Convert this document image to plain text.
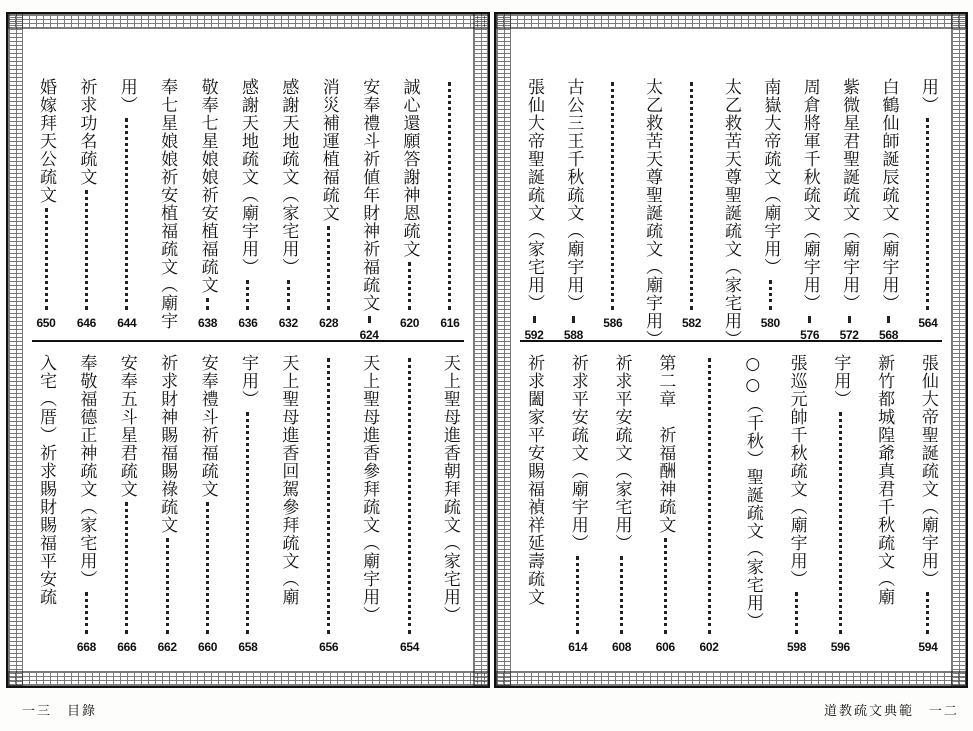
616
誠心還願答謝神恩疏文
620
安奉禮斗祈値年財神祈福疏文
624
消災補運植福疏文
628
感謝天地疏文（家宅用）
632
感謝天地疏文（廟宇用）
636
敬奉七星娘娘祈安植福疏文
638
奉七星娘娘祈安植福疏文（廟宇
用）
644
祈求功名疏文
646
婚嫁拜天公疏文
650
天上聖母進香朝拜疏文（家宅用）
654
天上聖母進香參拜疏文（廟宇用）
656
天上聖母進香回駕參拜疏文（廟
宇用）
658
安奉禮斗祈福疏文
660
祈求財神賜福賜祿疏文
662
安奉五斗星君疏文
666
奉敬福德正神疏文（家宅用）
668
入宅（厝）祈求賜財賜福平安疏
用）
564
白鶴仙師誕辰疏文（廟宇用）
568
紫微星君聖誕疏文（廟宇用）
572
周倉將軍千秋疏文（廟宇用）
576
南嶽大帝疏文（廟宇用）
580
太乙救苦天尊聖誕疏文（家宅用）
582
太乙救苦天尊聖誕疏文（廟宇用）
586
古公三王千秋疏文（廟宇用）
588
張仙大帝聖誕疏文（家宅用）
592
張仙大帝聖誕疏文（廟宇用）
594
新竹都城隍爺真君千秋疏文（廟
宇用）
596
張巡元帥千秋疏文（廟宇用）
598
○○（千秋）聖誕疏文（家宅用）
602
第二章　祈福酬神疏文
606
祈求平安疏文（家宅用）
608
祈求平安疏文（廟宇用）
614
祈求闔家平安賜福禎祥延壽疏文
一三　目錄	道教疏文典範　一二
